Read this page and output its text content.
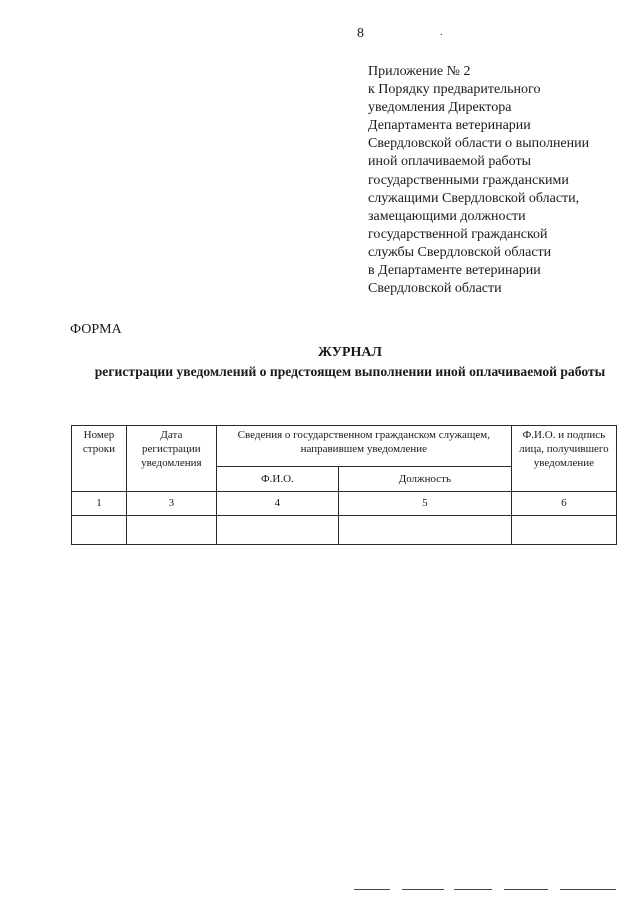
8	.
Приложение № 2
к Порядку предварительного
уведомления Директора
Департамента ветеринарии
Свердловской области о выполнении
иной оплачиваемой работы
государственными гражданскими
служащими Свердловской области,
замещающими должности
государственной гражданской
службы Свердловской области
в Департаменте ветеринарии
Свердловской области
ФОРМА
ЖУРНАЛ
регистрации уведомлений о предстоящем выполнении иной оплачиваемой работы
Номер строки	Дата регистрации уведомления	Сведения о государственном гражданском служащем, направившем уведомление		Ф.И.О. и подпись лица, получившего уведомление
		Ф.И.О.	Должность	
1	3	4	5	6
